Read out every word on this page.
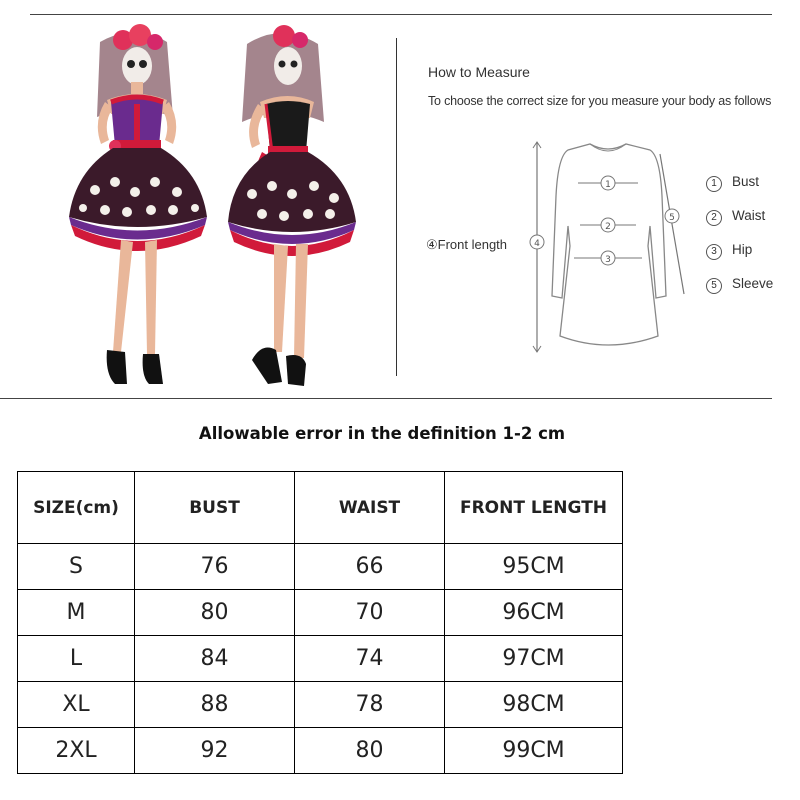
How to Measure
To choose the correct size for you measure your body as follows
④Front length	4
1
2
3
5
1	Bust
2	Waist
3	Hip
5	Sleeve
Allowable error in the definition 1-2 cm
SIZE(cm)	BUST	WAIST	FRONT LENGTH
S	76	66	95CM
M	80	70	96CM
L	84	74	97CM
XL	88	78	98CM
2XL	92	80	99CM
